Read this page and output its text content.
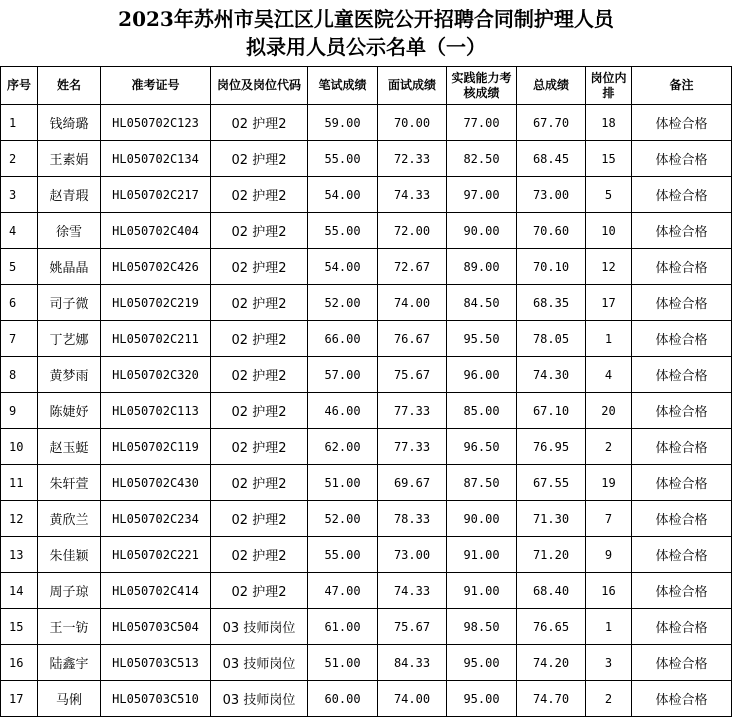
2023年苏州市吴江区儿童医院公开招聘合同制护理人员
拟录用人员公示名单（一）
序号	姓名	准考证号	岗位及岗位代码	笔试成绩	面试成绩	实践能力考核成绩	总成绩	岗位内排	备注
1	钱绮璐	HL050702C123	02 护理2	59.00	70.00	77.00	67.70	18	体检合格
2	王素娟	HL050702C134	02 护理2	55.00	72.33	82.50	68.45	15	体检合格
3	赵青瑕	HL050702C217	02 护理2	54.00	74.33	97.00	73.00	5	体检合格
4	徐雪	HL050702C404	02 护理2	55.00	72.00	90.00	70.60	10	体检合格
5	姚晶晶	HL050702C426	02 护理2	54.00	72.67	89.00	70.10	12	体检合格
6	司子微	HL050702C219	02 护理2	52.00	74.00	84.50	68.35	17	体检合格
7	丁艺娜	HL050702C211	02 护理2	66.00	76.67	95.50	78.05	1	体检合格
8	黄梦雨	HL050702C320	02 护理2	57.00	75.67	96.00	74.30	4	体检合格
9	陈婕妤	HL050702C113	02 护理2	46.00	77.33	85.00	67.10	20	体检合格
10	赵玉蜓	HL050702C119	02 护理2	62.00	77.33	96.50	76.95	2	体检合格
11	朱轩萱	HL050702C430	02 护理2	51.00	69.67	87.50	67.55	19	体检合格
12	黄欣兰	HL050702C234	02 护理2	52.00	78.33	90.00	71.30	7	体检合格
13	朱佳颖	HL050702C221	02 护理2	55.00	73.00	91.00	71.20	9	体检合格
14	周子琼	HL050702C414	02 护理2	47.00	74.33	91.00	68.40	16	体检合格
15	王一钫	HL050703C504	03 技师岗位	61.00	75.67	98.50	76.65	1	体检合格
16	陆鑫宇	HL050703C513	03 技师岗位	51.00	84.33	95.00	74.20	3	体检合格
17	马俐	HL050703C510	03 技师岗位	60.00	74.00	95.00	74.70	2	体检合格
